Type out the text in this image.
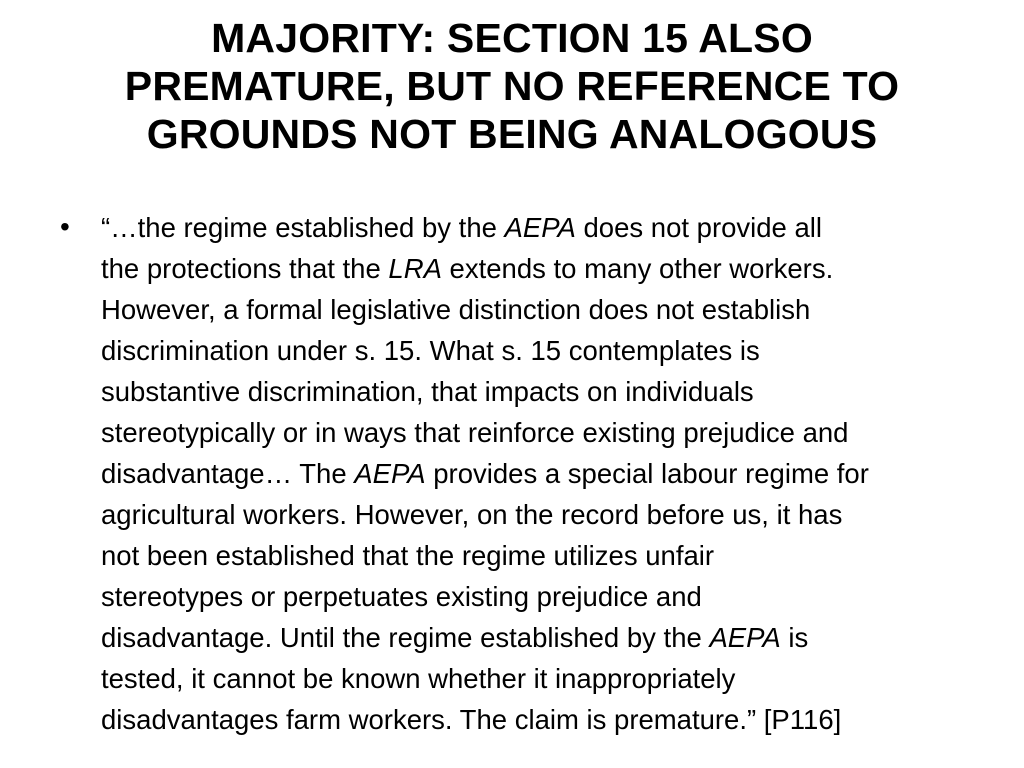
MAJORITY: SECTION 15 ALSO
PREMATURE, BUT NO REFERENCE TO
GROUNDS NOT BEING ANALOGOUS
• “…the regime established by the AEPA does not provide all
the protections that the LRA extends to many other workers.
However, a formal legislative distinction does not establish
discrimination under s. 15. What s. 15 contemplates is
substantive discrimination, that impacts on individuals
stereotypically or in ways that reinforce existing prejudice and
disadvantage… The AEPA provides a special labour regime for
agricultural workers. However, on the record before us, it has
not been established that the regime utilizes unfair
stereotypes or perpetuates existing prejudice and
disadvantage. Until the regime established by the AEPA is
tested, it cannot be known whether it inappropriately
disadvantages farm workers. The claim is premature.” [P116]
